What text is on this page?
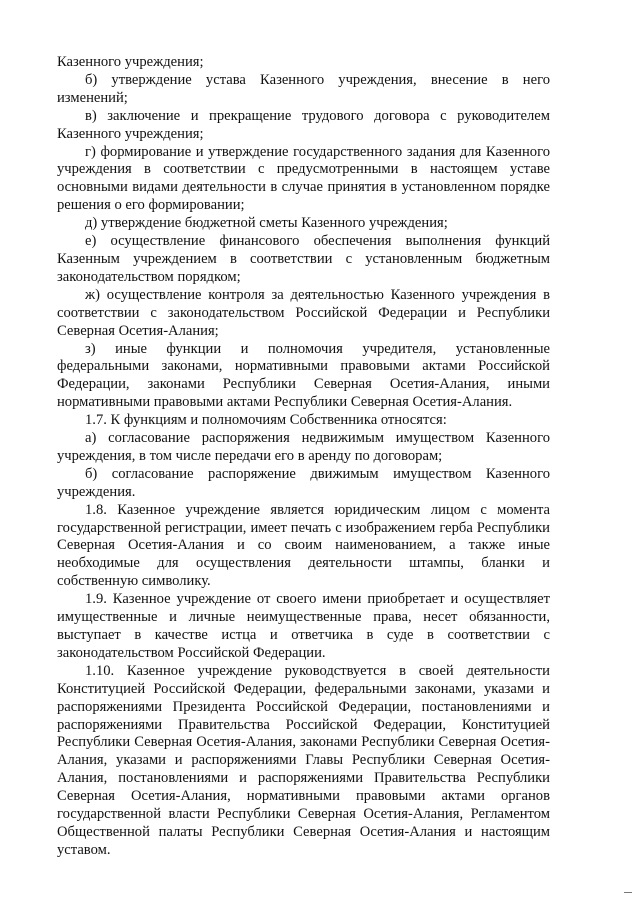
Казенного учреждения;

б) утверждение устава Казенного учреждения, внесение в него изменений;

в) заключение и прекращение трудового договора с руководителем Казенного учреждения;

г) формирование и утверждение государственного задания для Казенного учреждения в соответствии с предусмотренными в настоящем уставе основными видами деятельности в случае принятия в установленном порядке решения о его формировании;

д) утверждение бюджетной сметы Казенного учреждения;

е) осуществление финансового обеспечения выполнения функций Казенным учреждением в соответствии с установленным бюджетным законодательством порядком;

ж) осуществление контроля за деятельностью Казенного учреждения в соответствии с законодательством Российской Федерации и Республики Северная Осетия-Алания;

з) иные функции и полномочия учредителя, установленные федеральными законами, нормативными правовыми актами Российской Федерации, законами Республики Северная Осетия-Алания, иными нормативными правовыми актами Республики Северная Осетия-Алания.

1.7. К функциям и полномочиям Собственника относятся:

а) согласование распоряжения недвижимым имуществом Казенного учреждения, в том числе передачи его в аренду по договорам;

б) согласование распоряжение движимым имуществом Казенного учреждения.

1.8. Казенное учреждение является юридическим лицом с момента государственной регистрации, имеет печать с изображением герба Республики Северная Осетия-Алания и со своим наименованием, а также иные необходимые для осуществления деятельности штампы, бланки и собственную символику.

1.9. Казенное учреждение от своего имени приобретает и осуществляет имущественные и личные неимущественные права, несет обязанности, выступает в качестве истца и ответчика в суде в соответствии с законодательством Российской Федерации.

1.10. Казенное учреждение руководствуется в своей деятельности Конституцией Российской Федерации, федеральными законами, указами и распоряжениями Президента Российской Федерации, постановлениями и распоряжениями Правительства Российской Федерации, Конституцией Республики Северная Осетия-Алания, законами Республики Северная Осетия-Алания, указами и распоряжениями Главы Республики Северная Осетия-Алания, постановлениями и распоряжениями Правительства Республики Северная Осетия-Алания, нормативными правовыми актами органов государственной власти Республики Северная Осетия-Алания, Регламентом Общественной палаты Республики Северная Осетия-Алания и настоящим уставом.
